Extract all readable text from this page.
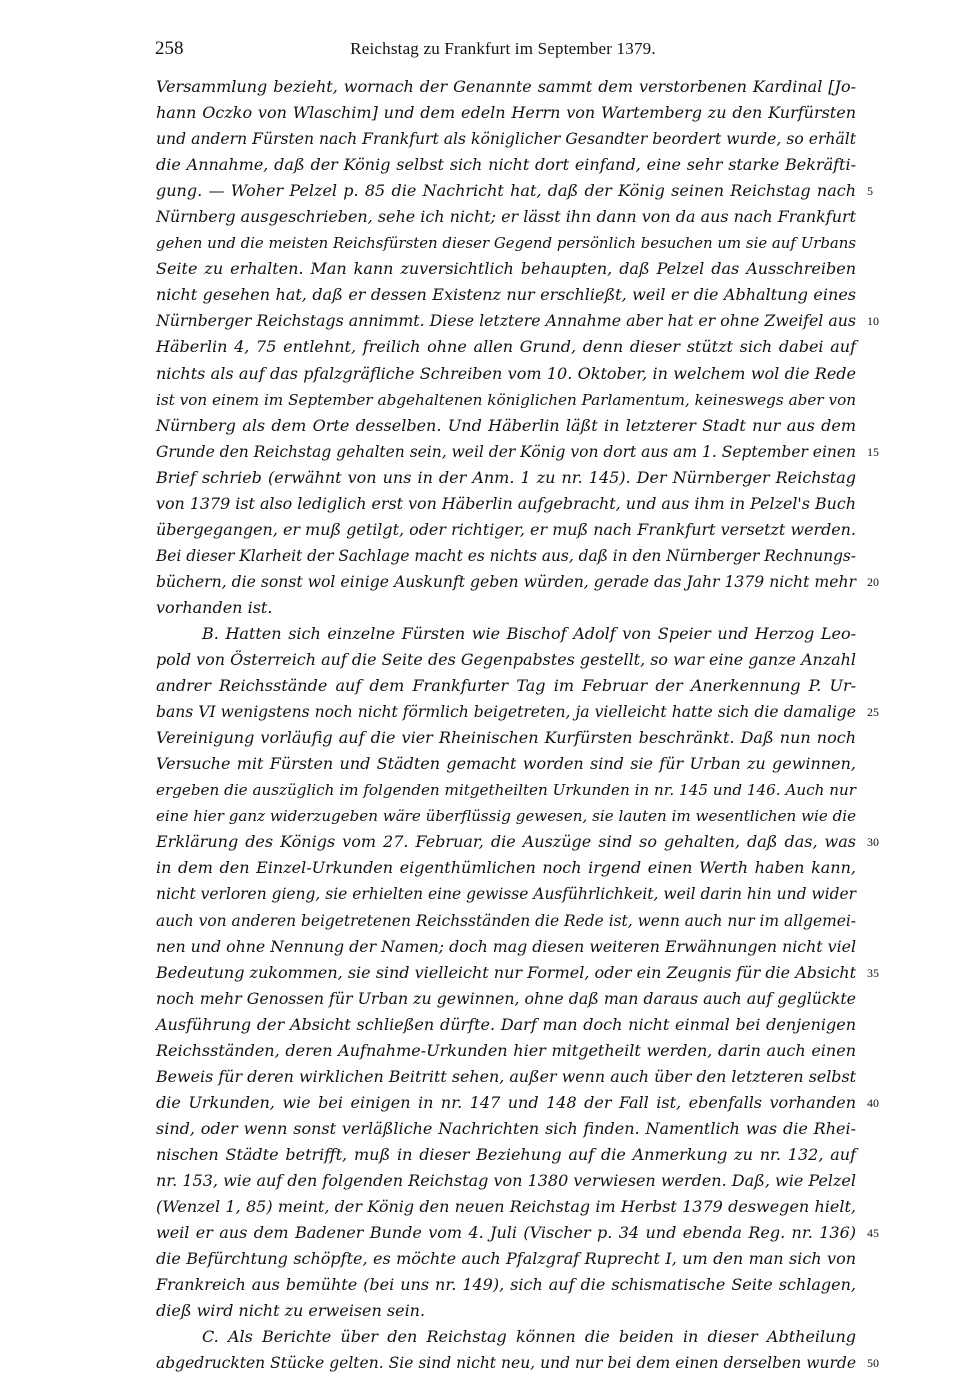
258	Reichstag zu Frankfurt im September 1379.
Versammlung bezieht, wornach der Genannte sammt dem verstorbenen Kardinal [Jo-
hann Oczko von Wlaschim] und dem edeln Herrn von Wartemberg zu den Kurfürsten
und andern Fürsten nach Frankfurt als königlicher Gesandter beordert wurde, so erhält
die Annahme, daß der König selbst sich nicht dort einfand, eine sehr starke Bekräfti-
gung. — Woher Pelzel p. 85 die Nachricht hat, daß der König seinen Reichstag nach 5
Nürnberg ausgeschrieben, sehe ich nicht; er lässt ihn dann von da aus nach Frankfurt
gehen und die meisten Reichsfürsten dieser Gegend persönlich besuchen um sie auf Urbans
Seite zu erhalten. Man kann zuversichtlich behaupten, daß Pelzel das Ausschreiben
nicht gesehen hat, daß er dessen Existenz nur erschließt, weil er die Abhaltung eines
Nürnberger Reichstags annimmt. Diese letztere Annahme aber hat er ohne Zweifel aus 10
Häberlin 4, 75 entlehnt, freilich ohne allen Grund, denn dieser stützt sich dabei auf
nichts als auf das pfalzgräfliche Schreiben vom 10. Oktober, in welchem wol die Rede
ist von einem im September abgehaltenen königlichen Parlamentum, keineswegs aber von
Nürnberg als dem Orte desselben. Und Häberlin läßt in letzterer Stadt nur aus dem
Grunde den Reichstag gehalten sein, weil der König von dort aus am 1. September einen 15
Brief schrieb (erwähnt von uns in der Anm. 1 zu nr. 145). Der Nürnberger Reichstag
von 1379 ist also lediglich erst von Häberlin aufgebracht, und aus ihm in Pelzel's Buch
übergegangen, er muß getilgt, oder richtiger, er muß nach Frankfurt versetzt werden.
Bei dieser Klarheit der Sachlage macht es nichts aus, daß in den Nürnberger Rechnungs-
büchern, die sonst wol einige Auskunft geben würden, gerade das Jahr 1379 nicht mehr 20
vorhanden ist.
B. Hatten sich einzelne Fürsten wie Bischof Adolf von Speier und Herzog Leo-
pold von Österreich auf die Seite des Gegenpabstes gestellt, so war eine ganze Anzahl
andrer Reichsstände auf dem Frankfurter Tag im Februar der Anerkennung P. Ur-
bans VI wenigstens noch nicht förmlich beigetreten, ja vielleicht hatte sich die damalige 25
Vereinigung vorläufig auf die vier Rheinischen Kurfürsten beschränkt. Daß nun noch
Versuche mit Fürsten und Städten gemacht worden sind sie für Urban zu gewinnen,
ergeben die auszüglich im folgenden mitgetheilten Urkunden in nr. 145 und 146. Auch nur
eine hier ganz widerzugeben wäre überflüssig gewesen, sie lauten im wesentlichen wie die
Erklärung des Königs vom 27. Februar, die Auszüge sind so gehalten, daß das, was 30
in dem den Einzel-Urkunden eigenthümlichen noch irgend einen Werth haben kann,
nicht verloren gieng, sie erhielten eine gewisse Ausführlichkeit, weil darin hin und wider
auch von anderen beigetretenen Reichsständen die Rede ist, wenn auch nur im allgemei-
nen und ohne Nennung der Namen; doch mag diesen weiteren Erwähnungen nicht viel
Bedeutung zukommen, sie sind vielleicht nur Formel, oder ein Zeugnis für die Absicht 35
noch mehr Genossen für Urban zu gewinnen, ohne daß man daraus auch auf geglückte
Ausführung der Absicht schließen dürfte. Darf man doch nicht einmal bei denjenigen
Reichsständen, deren Aufnahme-Urkunden hier mitgetheilt werden, darin auch einen
Beweis für deren wirklichen Beitritt sehen, außer wenn auch über den letzteren selbst
die Urkunden, wie bei einigen in nr. 147 und 148 der Fall ist, ebenfalls vorhanden 40
sind, oder wenn sonst verläßliche Nachrichten sich finden. Namentlich was die Rhei-
nischen Städte betrifft, muß in dieser Beziehung auf die Anmerkung zu nr. 132, auf
nr. 153, wie auf den folgenden Reichstag von 1380 verwiesen werden. Daß, wie Pelzel
(Wenzel 1, 85) meint, der König den neuen Reichstag im Herbst 1379 deswegen hielt,
weil er aus dem Badener Bunde vom 4. Juli (Vischer p. 34 und ebenda Reg. nr. 136) 45
die Befürchtung schöpfte, es möchte auch Pfalzgraf Ruprecht I, um den man sich von
Frankreich aus bemühte (bei uns nr. 149), sich auf die schismatische Seite schlagen,
dieß wird nicht zu erweisen sein.
C. Als Berichte über den Reichstag können die beiden in dieser Abtheilung
abgedruckten Stücke gelten. Sie sind nicht neu, und nur bei dem einen derselben wurde 50
